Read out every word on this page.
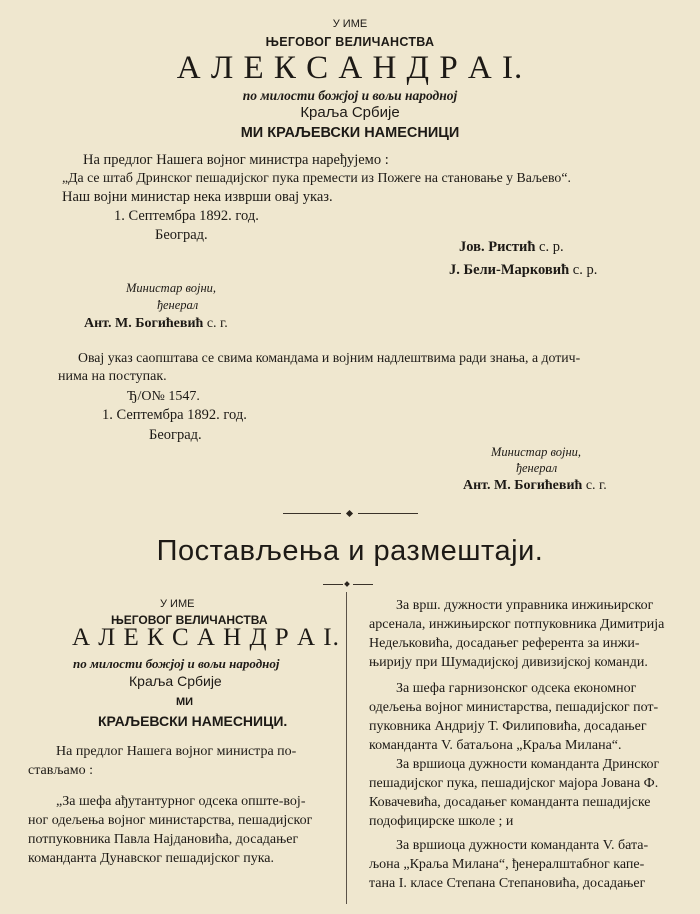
У ИМЕ
ЊЕГОВОГ ВЕЛИЧАНСТВА
А Л Е К С А Н Д Р А I.
по милости божјој и вољи народној
Краља Србије
МИ КРАЉЕВСКИ НАМЕСНИЦИ
На предлог Нашега војног министра наређујемо :
„Да се штаб Дринског пешадијског пука премести из Пожеге на становање у Ваљево“.
Наш војни министар нека изврши овај указ.
1. Септембра 1892. год.
Београд.
Јов. Ристић с. р.
Ј. Бели-Марковић с. р.
Министар војни,
ђенерал
Ант. М. Богићевић с. г.
Овај указ саопштава се свима командама и војним надлештвима ради знања, а дотич-
нима на поступак.
Ђ/О№ 1547.
1. Септембра 1892. год.
Београд.
Министар војни,
ђенерал
Ант. М. Богићевић с. г.
Постављења и размештаји.
У ИМЕ
ЊЕГОВОГ ВЕЛИЧАНСТВА
А Л Е К С А Н Д Р А I.
по милости божјој и вољи народној
Краља Србије
МИ
КРАЉЕВСКИ НАМЕСНИЦИ.
На предлог Нашега војног министра по-
стављамо :
„За шефа ађутантурног одсека опште-вој-
ног одељења војног министарства, пешадијског
потпуковника Павла Најдановића, досадањег
команданта Дунавског пешадијског пука.
За врш. дужности управника инжињирског
арсенала, инжињирског потпуковника Димитрија
Недељковића, досадањег референта за инжи-
њирију при Шумадијској дивизијској команди.
За шефа гарнизонског одсека економног
одељења војног министарства, пешадијског пот-
пуковника Андрију Т. Филиповића, досадањег
команданта V. батаљона „Краља Милана“.
За вршиоца дужности команданта Дринског
пешадијског пука, пешадијског мајора Јована Ф.
Ковачевића, досадањег команданта пешадијске
подофицирске школе ; и
За вршиоца дужности команданта V. бата-
љона „Краља Милана“, ђенералштабног капе-
тана I. класе Степана Степановића, досадањег
